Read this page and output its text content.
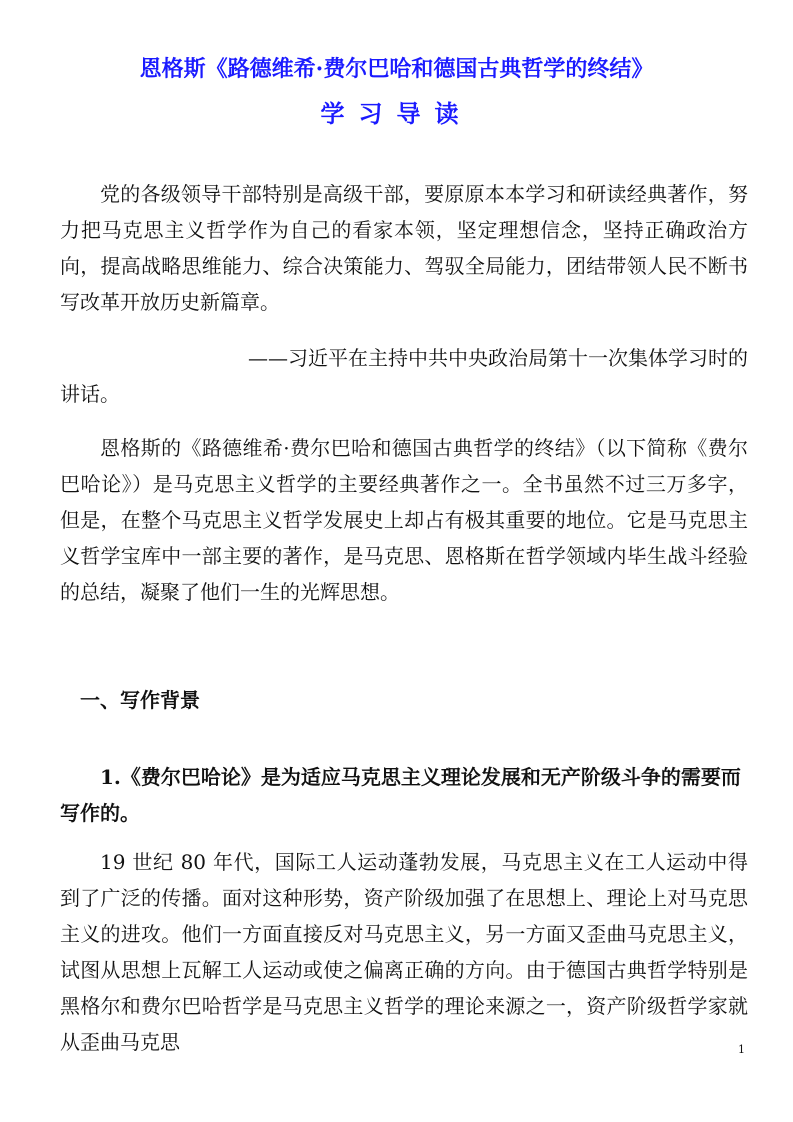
恩格斯《路德维希·费尔巴哈和德国古典哲学的终结》
学习导读

党的各级领导干部特别是高级干部，要原原本本学习和研读经典著作，努力把马克思主义哲学作为自己的看家本领，坚定理想信念，坚持正确政治方向，提高战略思维能力、综合决策能力、驾驭全局能力，团结带领人民不断书写改革开放历史新篇章。

——习近平在主持中共中央政治局第十一次集体学习时的
讲话。

恩格斯的《路德维希·费尔巴哈和德国古典哲学的终结》（以下简称《费尔巴哈论》）是马克思主义哲学的主要经典著作之一。全书虽然不过三万多字，但是，在整个马克思主义哲学发展史上却占有极其重要的地位。它是马克思主义哲学宝库中一部主要的著作，是马克思、恩格斯在哲学领域内毕生战斗经验的总结，凝聚了他们一生的光辉思想。

一、写作背景

1.《费尔巴哈论》是为适应马克思主义理论发展和无产阶级斗争的需要而写作的。

19 世纪 80 年代，国际工人运动蓬勃发展，马克思主义在工人运动中得到了广泛的传播。面对这种形势，资产阶级加强了在思想上、理论上对马克思主义的进攻。他们一方面直接反对马克思主义，另一方面又歪曲马克思主义，试图从思想上瓦解工人运动或使之偏离正确的方向。由于德国古典哲学特别是黑格尔和费尔巴哈哲学是马克思主义哲学的理论来源之一，资产阶级哲学家就从歪曲马克思	1
